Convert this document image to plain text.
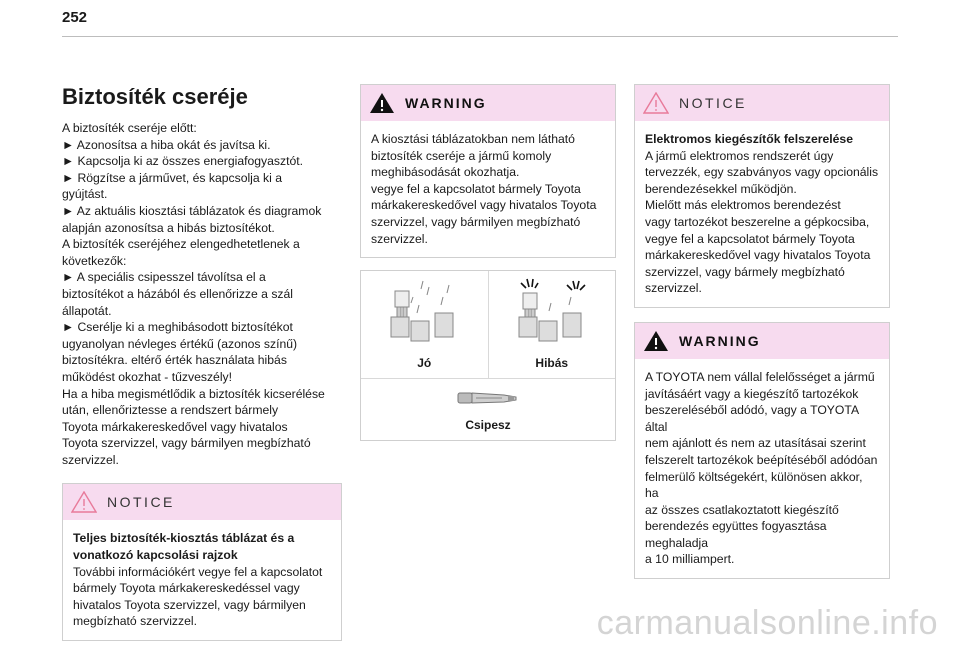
252
Biztosíték cseréje
A biztosíték cseréje előtt:
► Azonosítsa a hiba okát és javítsa ki.
► Kapcsolja ki az összes energiafogyasztót.
► Rögzítse a járművet, és kapcsolja ki a
gyújtást.
► Az aktuális kiosztási táblázatok és diagramok
alapján azonosítsa a hibás biztosítékot.
A biztosíték cseréjéhez elengedhetetlenek a
következők:
► A speciális csipesszel távolítsa el a
biztosítékot a házából és ellenőrizze a szál
állapotát.
► Cserélje ki a meghibásodott biztosítékot
ugyanolyan névleges értékű (azonos színű)
biztosítékra. eltérő érték használata hibás
működést okozhat - tűzveszély!
Ha a hiba megismétlődik a biztosíték kicserélése
után, ellenőriztesse a rendszert bármely
Toyota márkakereskedővel vagy hivatalos
Toyota szervizzel, vagy bármilyen megbízható
szervizzel.
NOTICE
Teljes biztosíték-kiosztás táblázat és a
vonatkozó kapcsolási rajzok
További információkért vegye fel a kapcsolatot
bármely Toyota márkakereskedéssel vagy
hivatalos Toyota szervizzel, vagy bármilyen
megbízható szervizzel.
WARNING
A kiosztási táblázatokban nem látható
biztosíték cseréje a jármű komoly
meghibásodását okozhatja.
vegye fel a kapcsolatot bármely Toyota
márkakereskedővel vagy hivatalos Toyota
szervizzel, vagy bármilyen megbízható
szervizzel.
Jó	Hibás
Csipesz
NOTICE
Elektromos kiegészítők felszerelése
A jármű elektromos rendszerét úgy
tervezzék, egy szabványos vagy opcionális
berendezésekkel működjön.
Mielőtt más elektromos berendezést
vagy tartozékot beszerelne a gépkocsiba,
vegye fel a kapcsolatot bármely Toyota
márkakereskedővel vagy hivatalos Toyota
szervizzel, vagy bármely megbízható
szervizzel.
WARNING
A TOYOTA nem vállal felelősséget a jármű
javításáért vagy a kiegészítő tartozékok
beszereléséből adódó, vagy a TOYOTA által
nem ajánlott és nem az utasításai szerint
felszerelt tartozékok beépítéséből adódóan
felmerülő költségekért, különösen akkor, ha
az összes csatlakoztatott kiegészítő
berendezés együttes fogyasztása meghaladja
a 10 milliampert.
carmanualsonline.info
